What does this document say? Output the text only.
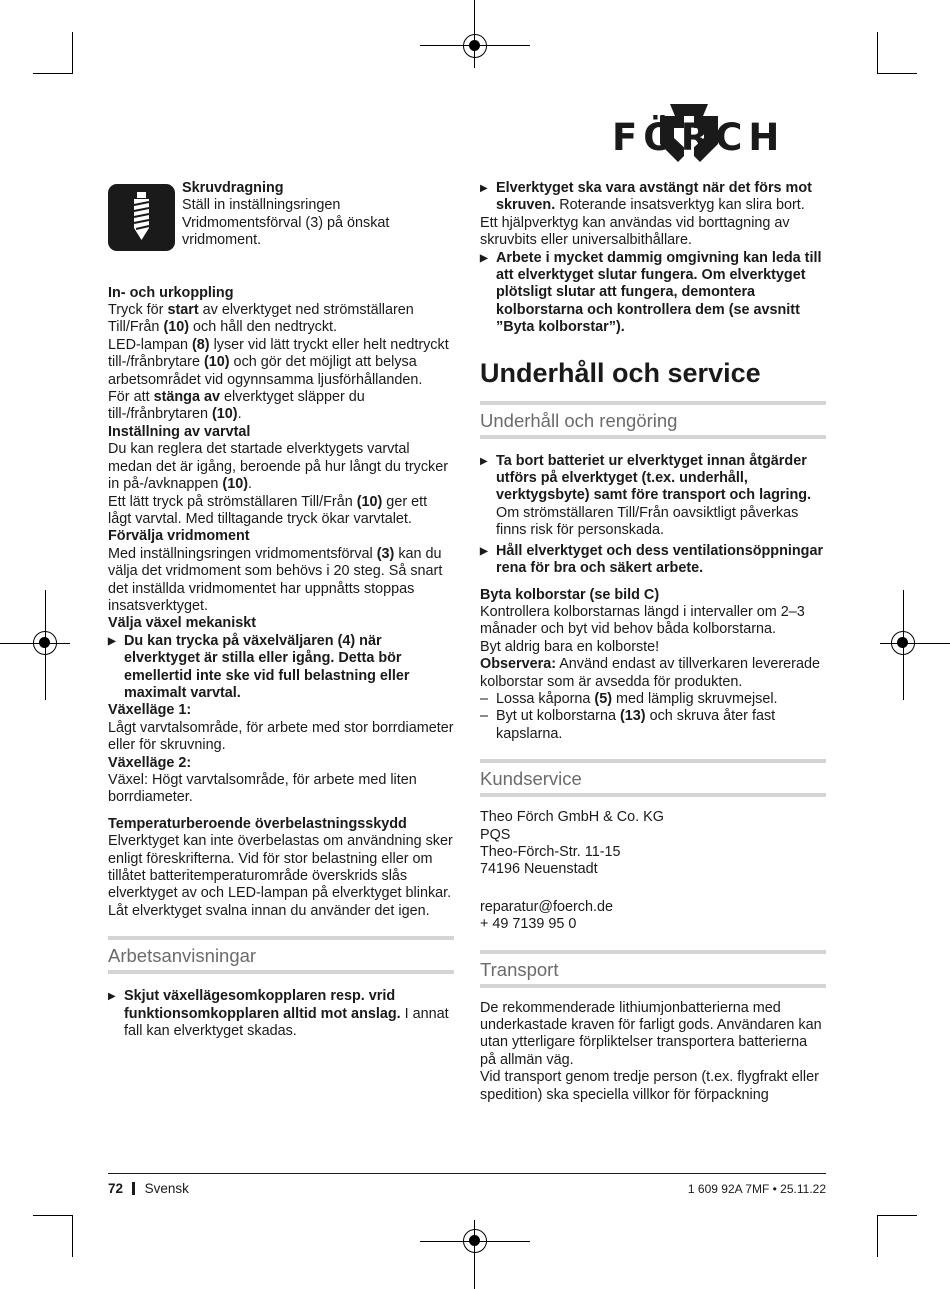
FÖRCH

Skruvdragning

Ställ in inställningsringen Vridmomentsförval (3) på önskat vridmoment.

In- och urkoppling

Tryck för start av elverktyget ned strömställaren Till/Från (10) och håll den nedtryckt.

LED-lampan (8) lyser vid lätt tryckt eller helt nedtryckt till-/frånbrytare (10) och gör det möjligt att belysa arbetsområdet vid ogynnsamma ljusförhållanden.

För att stänga av elverktyget släpper du till-/frånbrytaren (10).

Inställning av varvtal

Du kan reglera det startade elverktygets varvtal medan det är igång, beroende på hur långt du trycker in på-/avknappen (10).

Ett lätt tryck på strömställaren Till/Från (10) ger ett lågt varvtal. Med tilltagande tryck ökar varvtalet.

Förvälja vridmoment

Med inställningsringen vridmomentsförval (3) kan du välja det vridmoment som behövs i 20 steg. Så snart det inställda vridmomentet har uppnåtts stoppas insatsverktyget.

Välja växel mekaniskt

▶ Du kan trycka på växelväljaren (4) när elverktyget är stilla eller igång. Detta bör emellertid inte ske vid full belastning eller maximalt varvtal.

Växelläge 1:

Lågt varvtalsområde, för arbete med stor borrdiameter eller för skruvning.

Växelläge 2:

Växel: Högt varvtalsområde, för arbete med liten borrdiameter.

Temperaturberoende överbelastningsskydd

Elverktyget kan inte överbelastas om användning sker enligt föreskrifterna. Vid för stor belastning eller om tillåtet batteritemperaturområde överskrids slås elverktyget av och LED-lampan på elverktyget blinkar. Låt elverktyget svalna innan du använder det igen.

Arbetsanvisningar

▶ Skjut växellägesomkopplaren resp. vrid funktionsomkopplaren alltid mot anslag. I annat fall kan elverktyget skadas.

▶ Elverktyget ska vara avstängt när det förs mot skruven. Roterande insatsverktyg kan slira bort.

Ett hjälpverktyg kan användas vid borttagning av skruvbits eller universalbithållare.

▶ Arbete i mycket dammig omgivning kan leda till att elverktyget slutar fungera. Om elverktyget plötsligt slutar att fungera, demontera kolborstarna och kontrollera dem (se avsnitt ”Byta kolborstar”).

Underhåll och service

Underhåll och rengöring

▶ Ta bort batteriet ur elverktyget innan åtgärder utförs på elverktyget (t.ex. underhåll, verktygsbyte) samt före transport och lagring. Om strömställaren Till/Från oavsiktligt påverkas finns risk för personskada.

▶ Håll elverktyget och dess ventilationsöppningar rena för bra och säkert arbete.

Byta kolborstar (se bild C)

Kontrollera kolborstarnas längd i intervaller om 2–3 månader och byt vid behov båda kolborstarna.

Byt aldrig bara en kolborste!

Observera: Använd endast av tillverkaren levererade kolborstar som är avsedda för produkten.

– Lossa kåporna (5) med lämplig skruvmejsel.

– Byt ut kolborstarna (13) och skruva åter fast kapslarna.

Kundservice

Theo Förch GmbH & Co. KG

PQS

Theo-Förch-Str. 11-15

74196 Neuenstadt

reparatur@foerch.de

+ 49 7139 95 0

Transport

De rekommenderade lithiumjonbatterierna med underkastade kraven för farligt gods. Användaren kan utan ytterligare förpliktelser transportera batterierna på allmän väg.

Vid transport genom tredje person (t.ex. flygfrakt eller spedition) ska speciella villkor för förpackning

72 Svensk	1 609 92A 7MF • 25.11.22
